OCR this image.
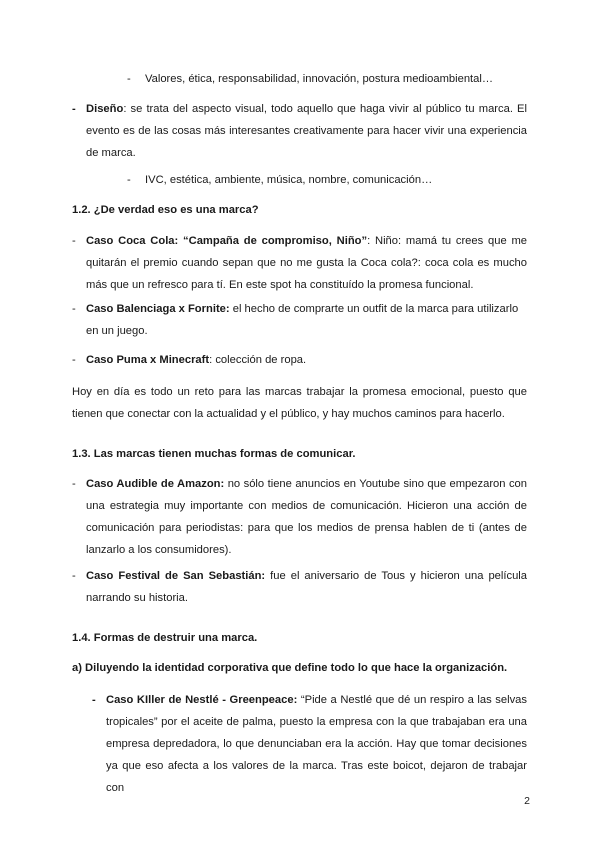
- Valores, ética, responsabilidad, innovación, postura medioambiental…

- Diseño: se trata del aspecto visual, todo aquello que haga vivir al público tu marca. El evento es de las cosas más interesantes creativamente para hacer vivir una experiencia de marca.

- IVC, estética, ambiente, música, nombre, comunicación…

1.2. ¿De verdad eso es una marca?

- Caso Coca Cola: “Campaña de compromiso, Niño”: Niño: mamá tu crees que me quitarán el premio cuando sepan que no me gusta la Coca cola?: coca cola es mucho más que un refresco para tí. En este spot ha constituído la promesa funcional.

- Caso Balenciaga x Fornite: el hecho de comprarte un outfit de la marca para utilizarlo en un juego.

- Caso Puma x Minecraft: colección de ropa.

Hoy en día es todo un reto para las marcas trabajar la promesa emocional, puesto que tienen que conectar con la actualidad y el público, y hay muchos caminos para hacerlo.

1.3. Las marcas tienen muchas formas de comunicar.

- Caso Audible de Amazon: no sólo tiene anuncios en Youtube sino que empezaron con una estrategia muy importante con medios de comunicación. Hicieron una acción de comunicación para periodistas: para que los medios de prensa hablen de ti (antes de lanzarlo a los consumidores).

- Caso Festival de San Sebastián: fue el aniversario de Tous y hicieron una película narrando su historia.

1.4. Formas de destruir una marca.

a) Diluyendo la identidad corporativa que define todo lo que hace la organización.

- Caso KIller de Nestlé - Greenpeace: “Pide a Nestlé que dé un respiro a las selvas tropicales” por el aceite de palma, puesto la empresa con la que trabajaban era una empresa depredadora, lo que denunciaban era la acción. Hay que tomar decisiones ya que eso afecta a los valores de la marca. Tras este boicot, dejaron de trabajar con

2
